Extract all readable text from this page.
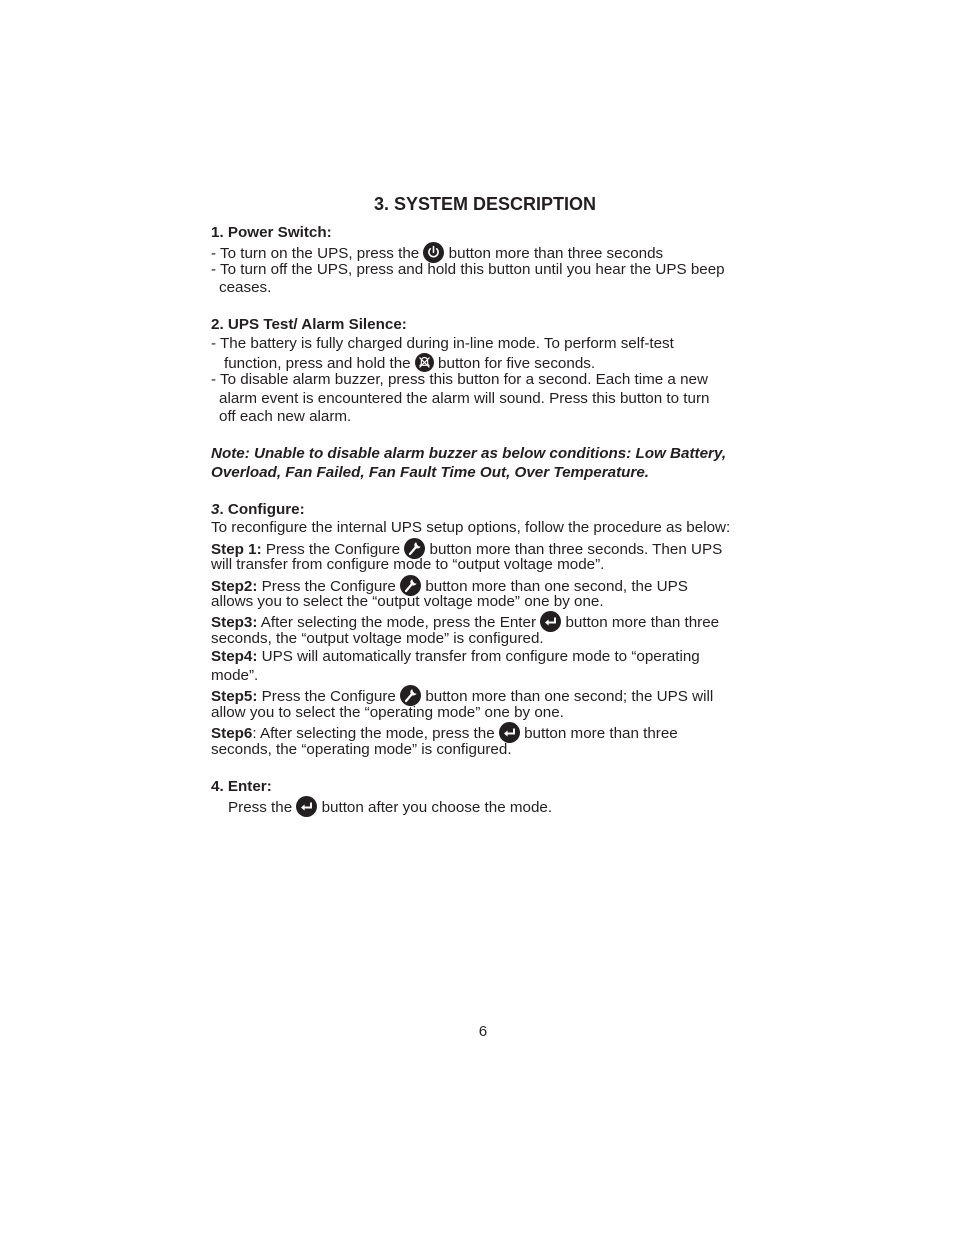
3. SYSTEM DESCRIPTION
1. Power Switch:
- To turn on the UPS, press the
button more than three seconds
- To turn off the UPS, press and hold this button until you hear the UPS beep
ceases.
2. UPS Test/ Alarm Silence:
- The battery is fully charged during in-line mode. To perform self-test
function, press and hold the
button for five seconds.
- To disable alarm buzzer, press this button for a second. Each time a new
alarm event is encountered the alarm will sound. Press this button to turn
off each new alarm.
Note: Unable to disable alarm buzzer as below conditions: Low Battery,
Overload, Fan Failed, Fan Fault Time Out, Over Temperature.
3. Configure:
To reconfigure the internal UPS setup options, follow the procedure as below:
Step 1: Press the Configure
button more than three seconds. Then UPS
will transfer from configure mode to “output voltage mode”.
Step2: Press the Configure
button more than one second, the UPS
allows you to select the “output voltage mode” one by one.
Step3: After selecting the mode, press the Enter
button more than three
seconds, the “output voltage mode” is configured.
Step4: UPS will automatically transfer from configure mode to “operating
mode”.
Step5: Press the Configure
button more than one second; the UPS will
allow you to select the “operating mode” one by one.
Step6: After selecting the mode, press the
button more than three
seconds, the “operating mode” is configured.
4. Enter:
Press the
button after you choose the mode.
6
